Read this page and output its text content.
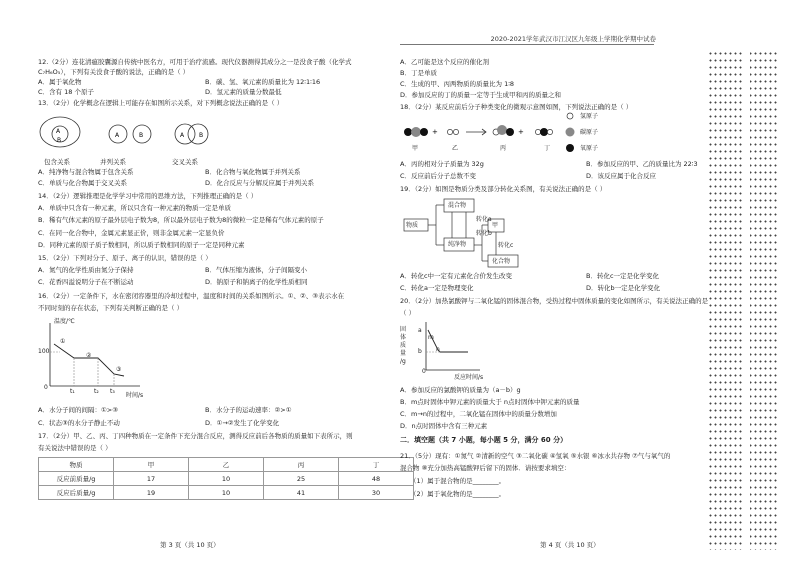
2020-2021学年武汉市江汉区九年级上学期化学期中试卷
12.（2分）连花清瘟胶囊源自传统中医名方，可用于治疗流感。现代仪器测得其成分之一是没食子酸（化学式
C₇H₆O₅），下列有关没食子酸的说法，正确的是（ ）
A．属于氧化物	B．碳、氢、氧元素的质量比为 12∶1∶16
C．含有 18 个原子	D．氢元素的质量分数最低
13．（2分）化学概念在逻辑上可能存在如图所示关系，对下列概念说法正确的是（ ）
A
B
A	B	A B
包含关系	并列关系	交叉关系
A．纯净物与混合物属于包含关系	B．化合物与氧化物属于并列关系
C．单质与化合物属于交叉关系	D．化合反应与分解反应属于并列关系
14．（2分）逻辑推理是化学学习中常用的思维方法，下列推理正确的是（ ）
A．单质中只含有一种元素，所以只含有一种元素的物质一定是单质
B．稀有气体元素的原子最外层电子数为8，所以最外层电子数为8的微粒一定是稀有气体元素的原子
C．在同一化合物中，金属元素显正价，则非金属元素一定显负价
D．同种元素的原子质子数相同，所以质子数相同的原子一定是同种元素
15．（2分）下列对分子、原子、离子的认识，错误的是（ ）
A．氮气的化学性质由氮分子保持	B．气体压缩为液体，分子间隔变小
C．花香四溢说明分子在不断运动	D．钠原子和钠离子的化学性质相同
16．（2分）一定条件下，水在密闭容器里的冷却过程中，温度和时间的关系如图所示。①、②、③表示水在
不同时刻的存在状态，下列有关判断正确的是（ ）
温度/℃
100
0
①
②
③
t₁	t₂ t₃
时间/s
A．水分子间的间隔：①>③	B．水分子的运动速率：②>①
C．状态③的水分子静止不动	D．①→②发生了化学变化
17．（2分）甲、乙、丙、丁四种物质在一定条件下充分混合反应，测得反应前后各物质的质量如下表所示，则
有关说法中错误的是（ ）
物质	甲	乙	丙	丁
反应前质量/g	17	10	25	48
反应后质量/g	19	10	41	30
第 3 页（共 10 页）
A．乙可能是这个反应的催化剂
B．丁是单质
C．生成的甲、丙两物质的质量比为 1∶8
D．参加反应的丁的质量一定等于生成甲和丙的质量之和
18．（2分）某反应前后分子种类变化的微观示意图如图，下列说法正确的是（ ）
+	+
氢原子
碳原子
氧原子
甲	乙	丙	丁
A．丙的相对分子质量为 32g	B．参加反应的甲、乙的质量比为 22∶3
C．反应前后分子总数不变	D．该反应属于化合反应
19．（2分）如图是物质分类及部分转化关系图，有关说法正确的是（ ）
物质
混合物
纯净物
甲
化合物
转化a
转化b
转化c
A．转化c中一定有元素化合价发生改变	B．转化c一定是化学变化
C．转化a一定是物理变化	D．转化b一定是化学变化
20．（2分）加热氯酸钾与二氧化锰的固体混合物，受热过程中固体质量的变化如图所示，有关说法正确的是
（ ）
固
体
质
量
/g
a
b
m
n
0
反应时间/s
A．参加反应的氯酸钾的质量为（a－b）g
B．m点时固体中钾元素的质量大于 n点时固体中钾元素的质量
C．m→n的过程中，二氧化锰在固体中的质量分数增加
D．n点时固体中含有三种元素
二．填空题（共 7 小题，每小题 5 分，满分 60 分）
21．（5分）现有：①氮气 ②清新的空气 ③二氧化碳 ④氢氧 ⑤水银 ⑥冰水共存物 ⑦气与氧气的
混合物 ⑧充分加热高锰酸钾后留下的固体．请按要求填空：
（1）属于混合物的是________。
（2）属于氧化物的是________。
第 4 页（共 10 页）
